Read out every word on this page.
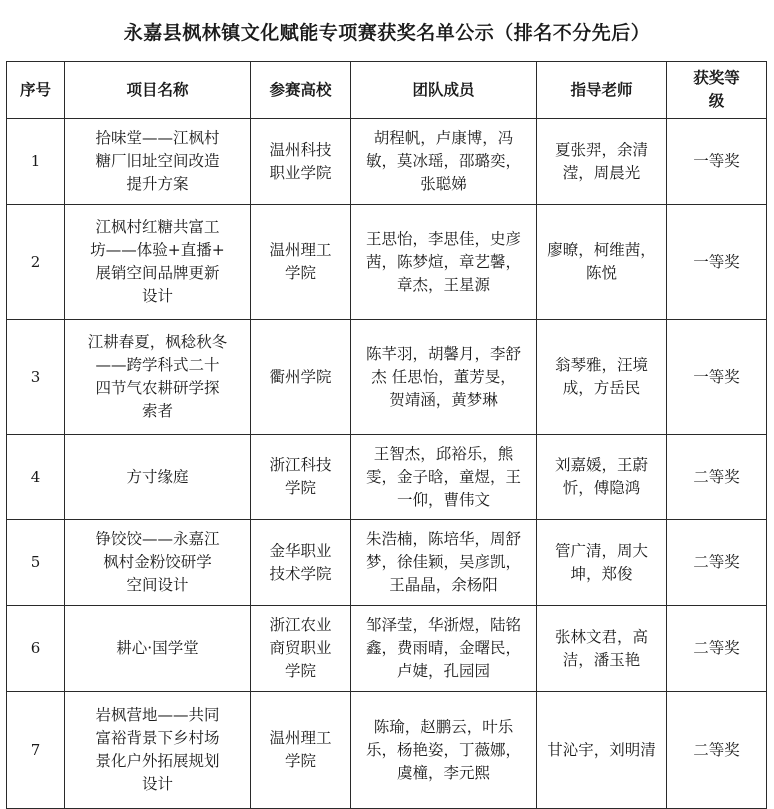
永嘉县枫林镇文化赋能专项赛获奖名单公示（排名不分先后）
序号	项目名称	参赛高校	团队成员	指导老师	获奖等
级

1	拾味堂——江枫村
糖厂旧址空间改造
提升方案	温州科技
职业学院	胡程帆，卢康博，冯
敏，莫冰瑶，邵璐奕，
张聪娣	夏张羿，余清
滢，周晨光	一等奖
2	江枫村红糖共富工
坊——体验+直播+
展销空间品牌更新
设计	温州理工
学院	王思怡，李思佳，史彦
茜，陈梦煊，章艺馨，
章杰，王星源	廖暸，柯维茜，
陈悦	一等奖
3	江耕春夏，枫稔秋冬
——跨学科式二十
四节气农耕研学探
索者	衢州学院	陈芊羽，胡馨月，李舒
杰 任思怡，董芳旻，
贺靖涵，黄梦琳	翁琴雅，汪境
成，方岳民	一等奖
4	方寸缘庭	浙江科技
学院	王智杰，邱裕乐，熊
雯，金子晗，童煜，王
一仰，曹伟文	刘嘉媛，王蔚
忻，傅隐鸿	二等奖
5	铮饺饺——永嘉江
枫村金粉饺研学
空间设计	金华职业
技术学院	朱浩楠，陈培华，周舒
梦，徐佳颖，吴彦凯，
王晶晶，余杨阳	管广清，周大
坤，郑俊	二等奖
6	耕心·国学堂	浙江农业
商贸职业
学院	邹泽莹，华浙煜，陆铭
鑫，费雨晴，金曙民，
卢婕，孔园园	张林文君，高
洁，潘玉艳	二等奖
7	岩枫营地——共同
富裕背景下乡村场
景化户外拓展规划
设计	温州理工
学院	陈瑜，赵鹏云，叶乐
乐，杨艳姿，丁薇娜，
虞橦，李元熙	甘沁宇，刘明清	二等奖
